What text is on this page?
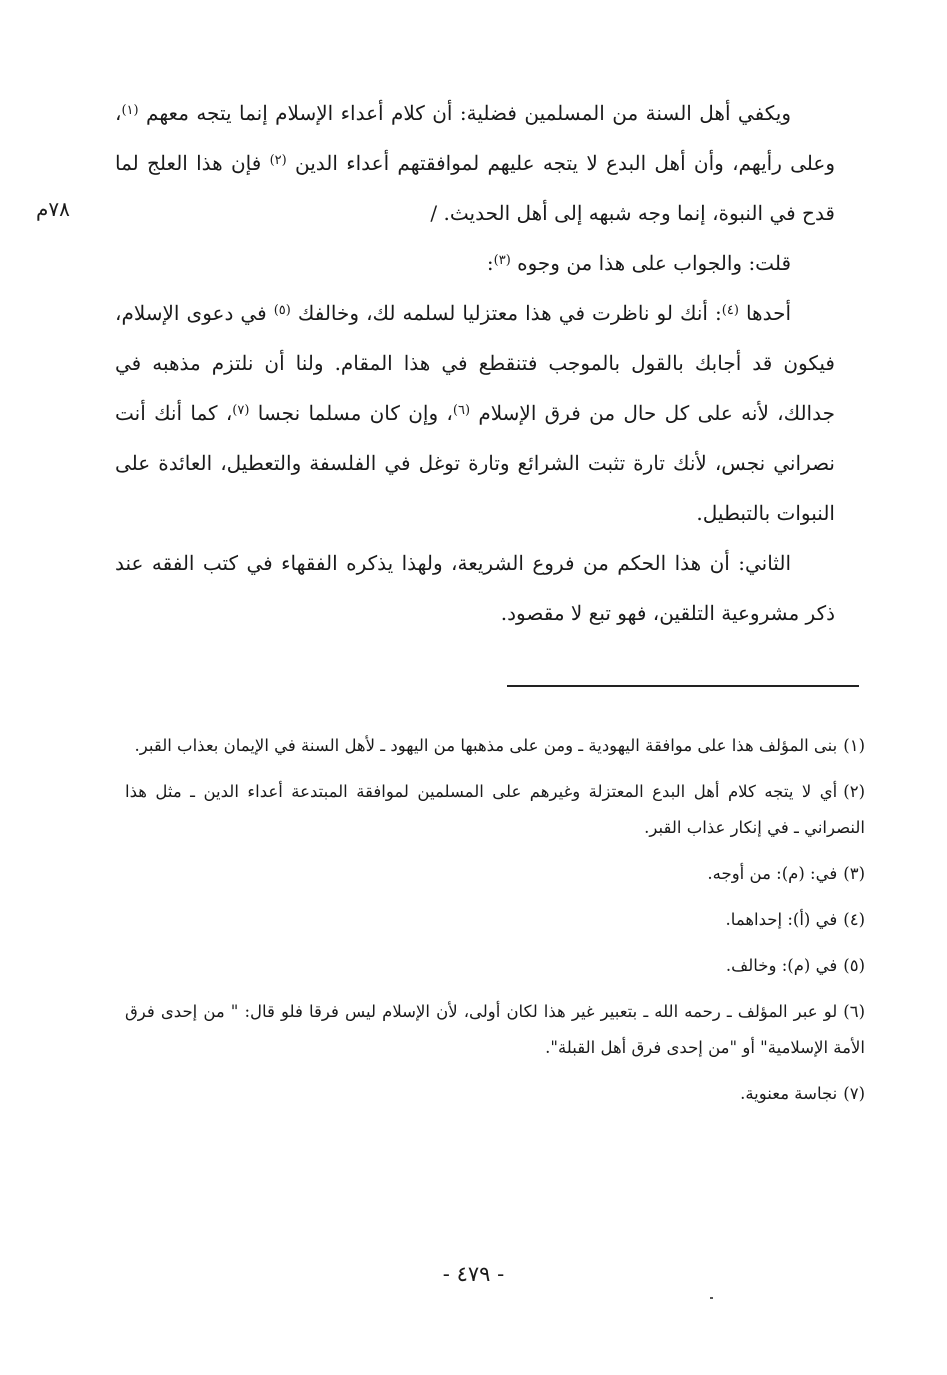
٧٨م

ويكفي أهل السنة من المسلمين فضلية: أن كلام أعداء الإسلام إنما يتجه معهم $^{(١)}$، وعلى رأيهم، وأن أهل البدع لا يتجه عليهم لموافقتهم أعداء الدين $^{(٢)}$ فإن هذا العلج لما قدح في النبوة، إنما وجه شبهه إلى أهل الحديث. /

قلت: والجواب على هذا من وجوه $^{(٣)}$:

أحدها $^{(٤)}$: أنك لو ناظرت في هذا معتزليا لسلمه لك، وخالفك $^{(٥)}$ في دعوى الإسلام، فيكون قد أجابك بالقول بالموجب فتنقطع في هذا المقام. ولنا أن نلتزم مذهبه في جدالك، لأنه على كل حال من فرق الإسلام $^{(٦)}$، وإن كان مسلما نجسا $^{(٧)}$، كما أنك أنت نصراني نجس، لأنك تارة تثبت الشرائع وتارة توغل في الفلسفة والتعطيل، العائدة على النبوات بالتبطيل.

الثاني: أن هذا الحكم من فروع الشريعة، ولهذا يذكره الفقهاء في كتب الفقه عند ذكر مشروعية التلقين، فهو تبع لا مقصود.

(١)بنى المؤلف هذا على موافقة اليهودية ـ ومن على مذهبها من اليهود ـ لأهل السنة في الإيمان بعذاب القبر.

(٢)أي لا يتجه كلام أهل البدع المعتزلة وغيرهم على المسلمين لموافقة المبتدعة أعداء الدين ـ مثل هذا النصراني ـ في إنكار عذاب القبر.

(٣)في: (م): من أوجه.

(٤)في (أ): إحداهما.

(٥)في (م): وخالف.

(٦)لو عبر المؤلف ـ رحمه الله ـ بتعبير غير هذا لكان أولى، لأن الإسلام ليس فرقا فلو قال: " من إحدى فرق الأمة الإسلامية" أو "من إحدى فرق أهل القبلة".

(٧)نجاسة معنوية.

- ٤٧٩ -
